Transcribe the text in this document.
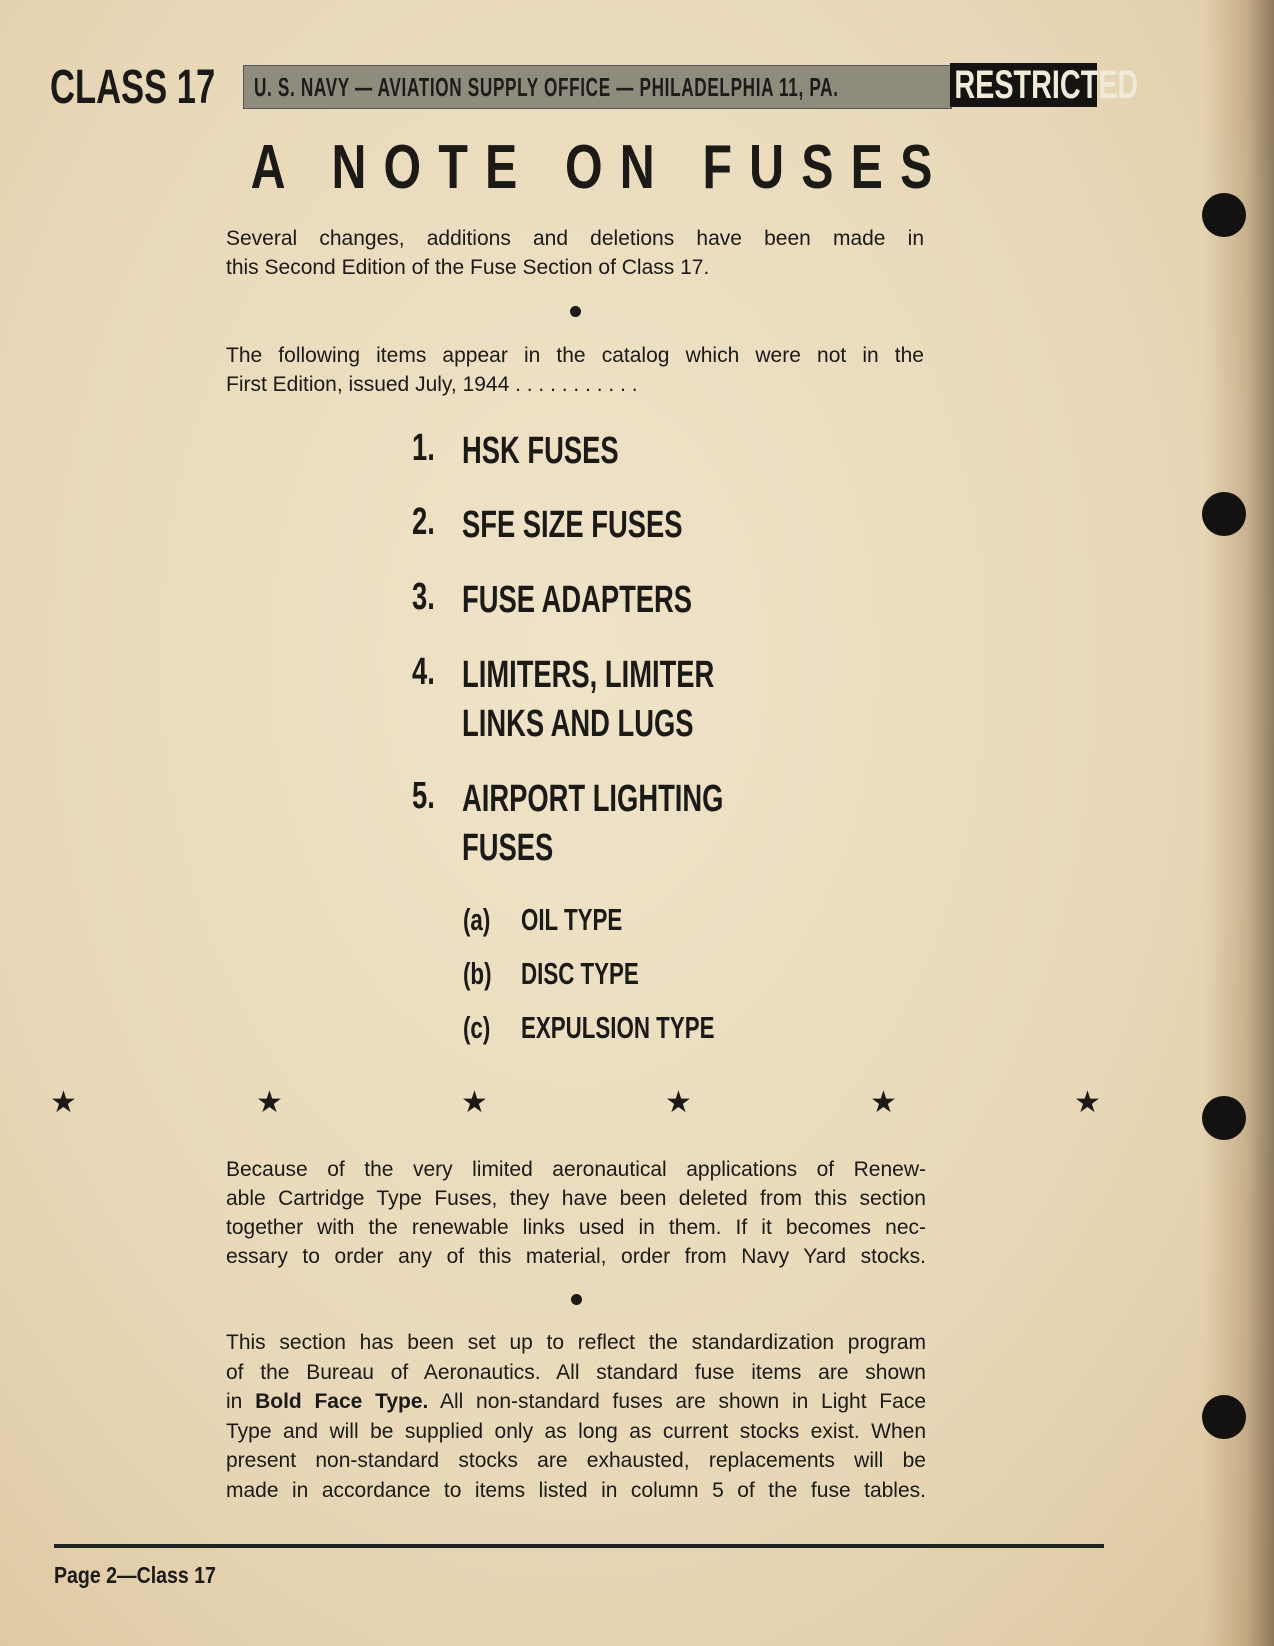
CLASS 17	U. S. NAVY — AVIATION SUPPLY OFFICE — PHILADELPHIA 11, PA.	RESTRICTED
A NOTE ON FUSES
Several changes, additions and deletions have been made in
this Second Edition of the Fuse Section of Class 17.
The following items appear in the catalog which were not in the
First Edition, issued July, 1944 . . . . . . . . . . .
1. HSK FUSES
2. SFE SIZE FUSES
3. FUSE ADAPTERS
4. LIMITERS, LIMITER
LINKS AND LUGS
5. AIRPORT LIGHTING
FUSES
(a) OIL TYPE
(b) DISC TYPE
(c) EXPULSION TYPE
★	★	★	★	★	★
Because of the very limited aeronautical applications of Renew-
able Cartridge Type Fuses, they have been deleted from this section
together with the renewable links used in them. If it becomes nec-
essary to order any of this material, order from Navy Yard stocks.
This section has been set up to reflect the standardization program
of the Bureau of Aeronautics. All standard fuse items are shown
in Bold Face Type. All non-standard fuses are shown in Light Face
Type and will be supplied only as long as current stocks exist. When
present non-standard stocks are exhausted, replacements will be
made in accordance to items listed in column 5 of the fuse tables.
Page 2—Class 17
